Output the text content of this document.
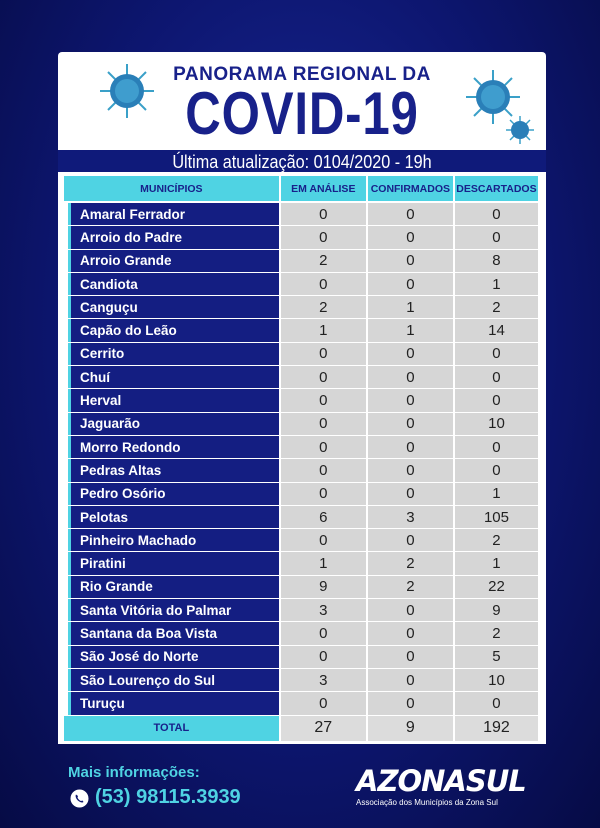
PANORAMA REGIONAL DA
COVID-19
Última atualização: 0104/2020 - 19h
MUNICÍPIOS	EM ANÁLISE	CONFIRMADOS	DESCARTADOS
Amaral Ferrador	0	0	0
Arroio do Padre	0	0	0
Arroio Grande	2	0	8
Candiota	0	0	1
Canguçu	2	1	2
Capão do Leão	1	1	14
Cerrito	0	0	0
Chuí	0	0	0
Herval	0	0	0
Jaguarão	0	0	10
Morro Redondo	0	0	0
Pedras Altas	0	0	0
Pedro Osório	0	0	1
Pelotas	6	3	105
Pinheiro Machado	0	0	2
Piratini	1	2	1
Rio Grande	9	2	22
Santa Vitória do Palmar	3	0	9
Santana da Boa Vista	0	0	2
São José do Norte	0	0	5
São Lourenço do Sul	3	0	10
Turuçu	0	0	0
TOTAL	27	9	192
Mais informações:
(53) 98115.3939	AZONASUL
Associação dos Municípios da Zona Sul
